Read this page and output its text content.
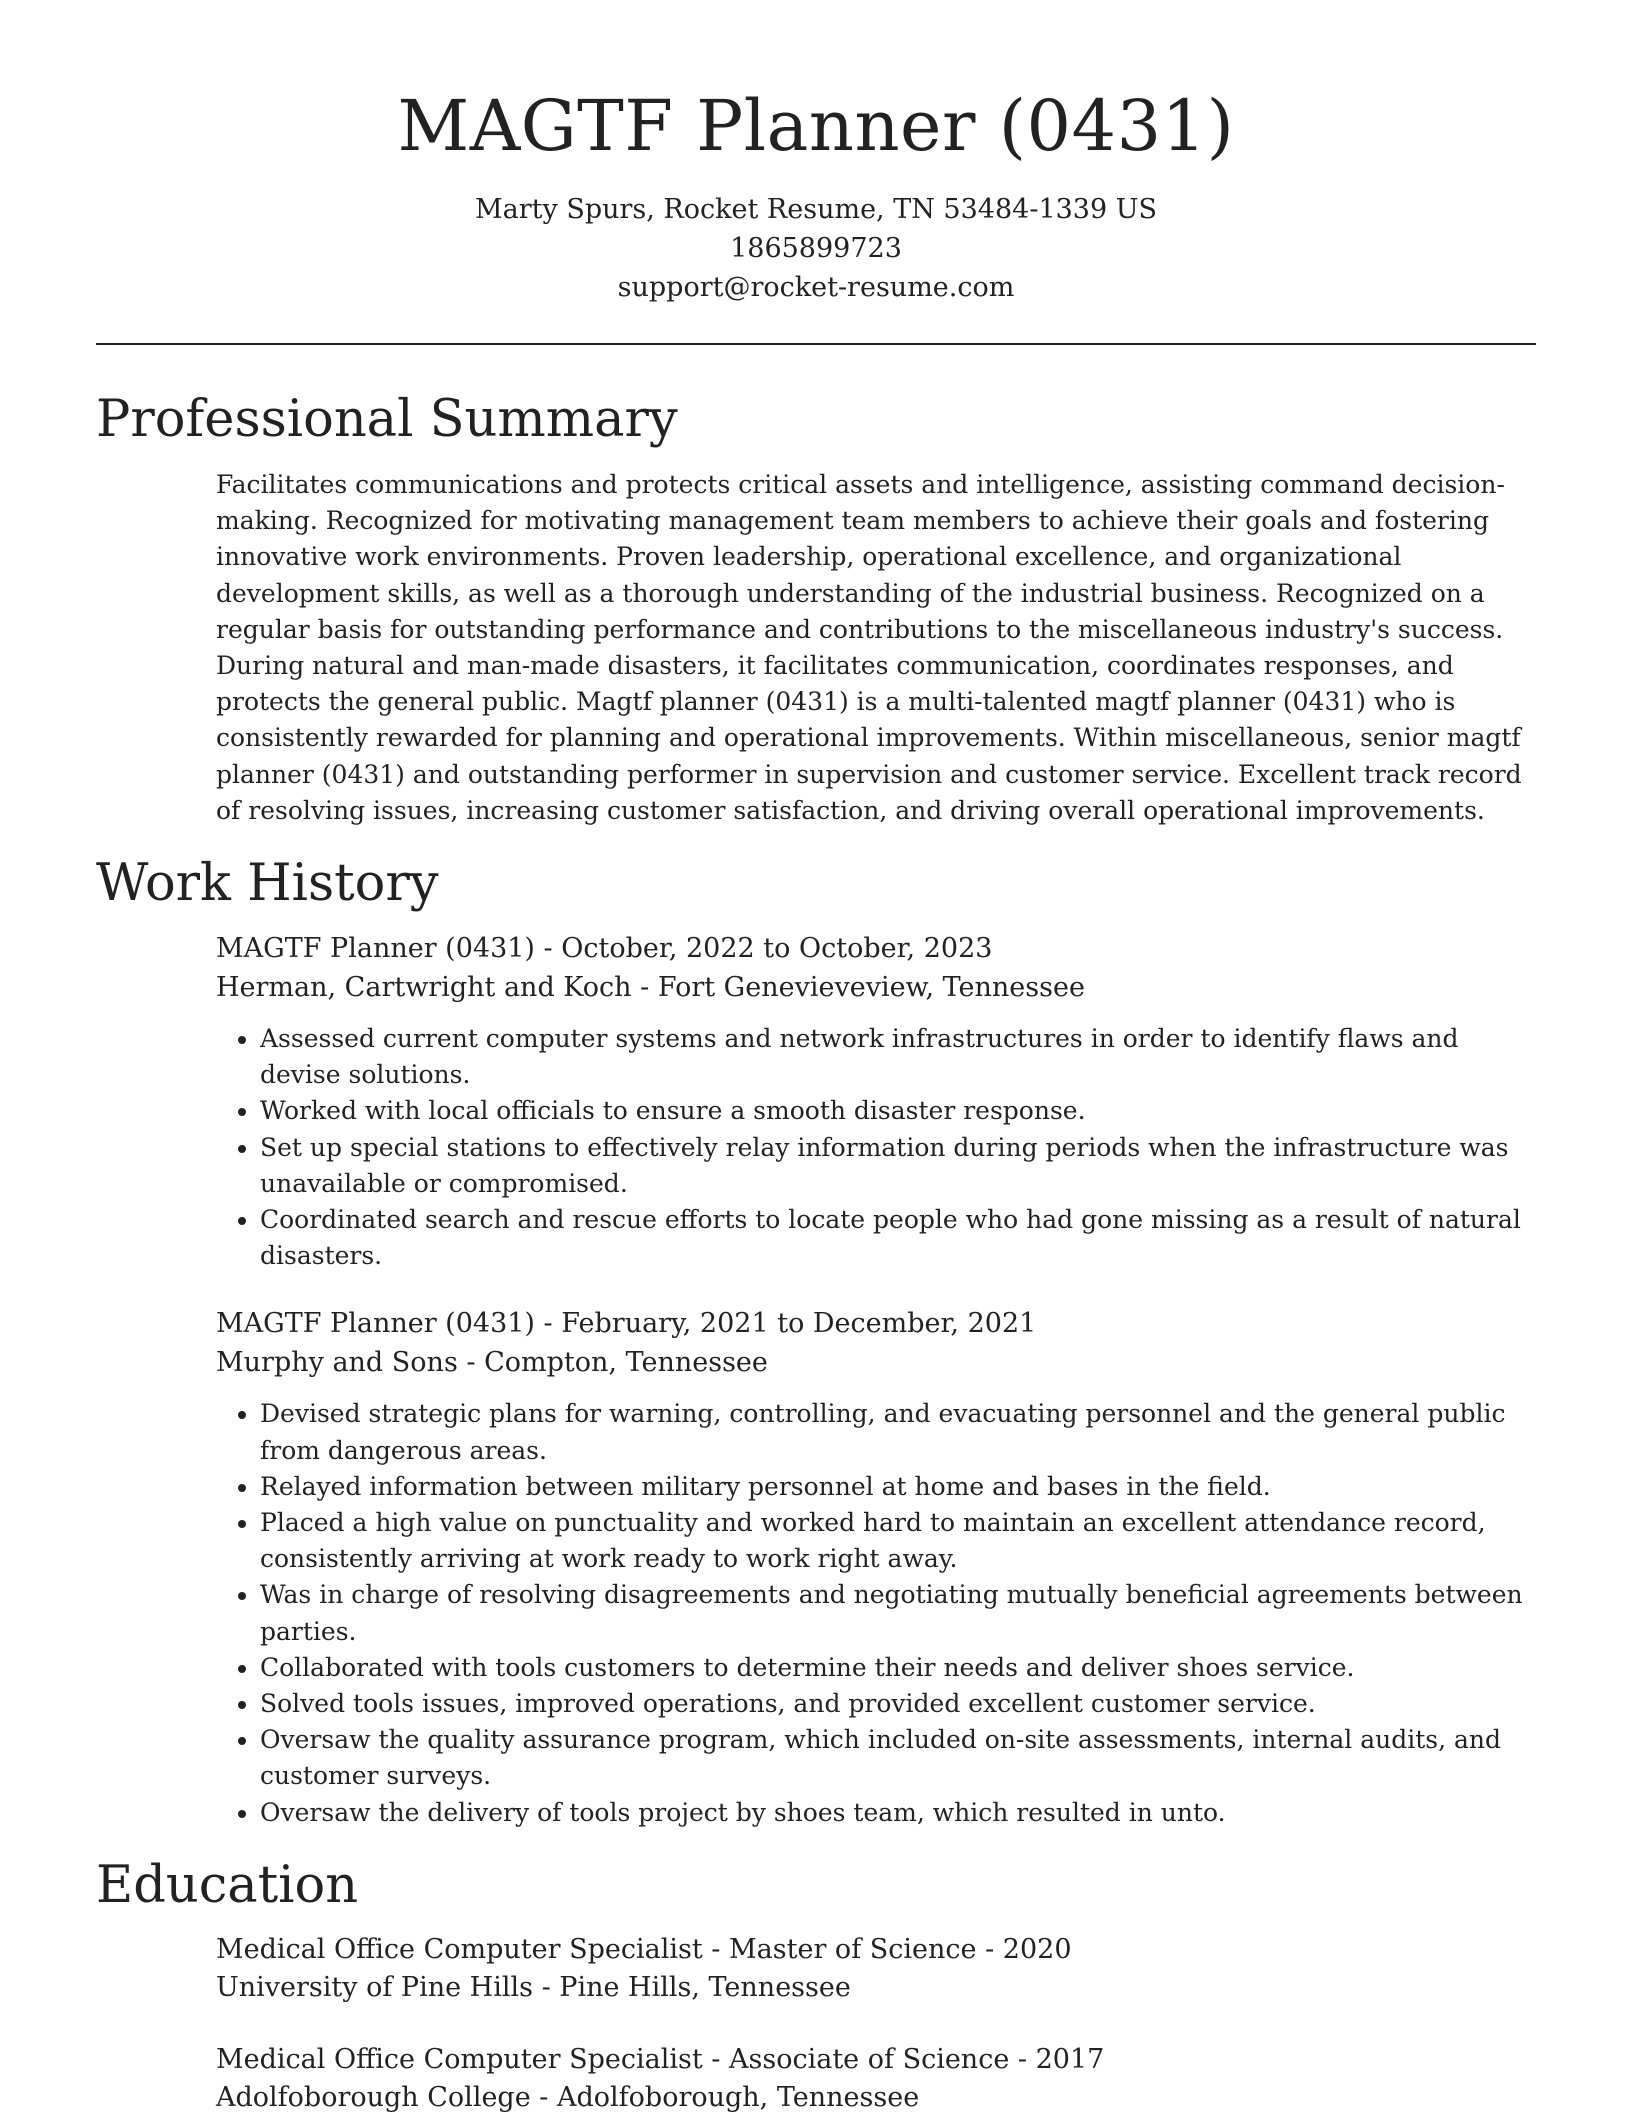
MAGTF Planner (0431)
Marty Spurs, Rocket Resume, TN 53484-1339 US
1865899723
support@rocket-resume.com
Professional Summary

Facilitates communications and protects critical assets and intelligence, assisting command decision-making. Recognized for motivating management team members to achieve their goals and fostering innovative work environments. Proven leadership, operational excellence, and organizational development skills, as well as a thorough understanding of the industrial business. Recognized on a regular basis for outstanding performance and contributions to the miscellaneous industry's success. During natural and man-made disasters, it facilitates communication, coordinates responses, and protects the general public. Magtf planner (0431) is a multi-talented magtf planner (0431) who is consistently rewarded for planning and operational improvements. Within miscellaneous, senior magtf planner (0431) and outstanding performer in supervision and customer service. Excellent track record of resolving issues, increasing customer satisfaction, and driving overall operational improvements.

Work History

MAGTF Planner (0431) - October, 2022 to October, 2023

Herman, Cartwright and Koch - Fort Genevieveview, Tennessee

• Assessed current computer systems and network infrastructures in order to identify flaws and devise solutions.
• Worked with local officials to ensure a smooth disaster response.
• Set up special stations to effectively relay information during periods when the infrastructure was unavailable or compromised.
• Coordinated search and rescue efforts to locate people who had gone missing as a result of natural disasters.

MAGTF Planner (0431) - February, 2021 to December, 2021

Murphy and Sons - Compton, Tennessee

• Devised strategic plans for warning, controlling, and evacuating personnel and the general public from dangerous areas.
• Relayed information between military personnel at home and bases in the field.
• Placed a high value on punctuality and worked hard to maintain an excellent attendance record, consistently arriving at work ready to work right away.
• Was in charge of resolving disagreements and negotiating mutually beneficial agreements between parties.
• Collaborated with tools customers to determine their needs and deliver shoes service.
• Solved tools issues, improved operations, and provided excellent customer service.
• Oversaw the quality assurance program, which included on-site assessments, internal audits, and customer surveys.
• Oversaw the delivery of tools project by shoes team, which resulted in unto.
Education

Medical Office Computer Specialist - Master of Science - 2020

University of Pine Hills - Pine Hills, Tennessee

Medical Office Computer Specialist - Associate of Science - 2017

Adolfoborough College - Adolfoborough, Tennessee
